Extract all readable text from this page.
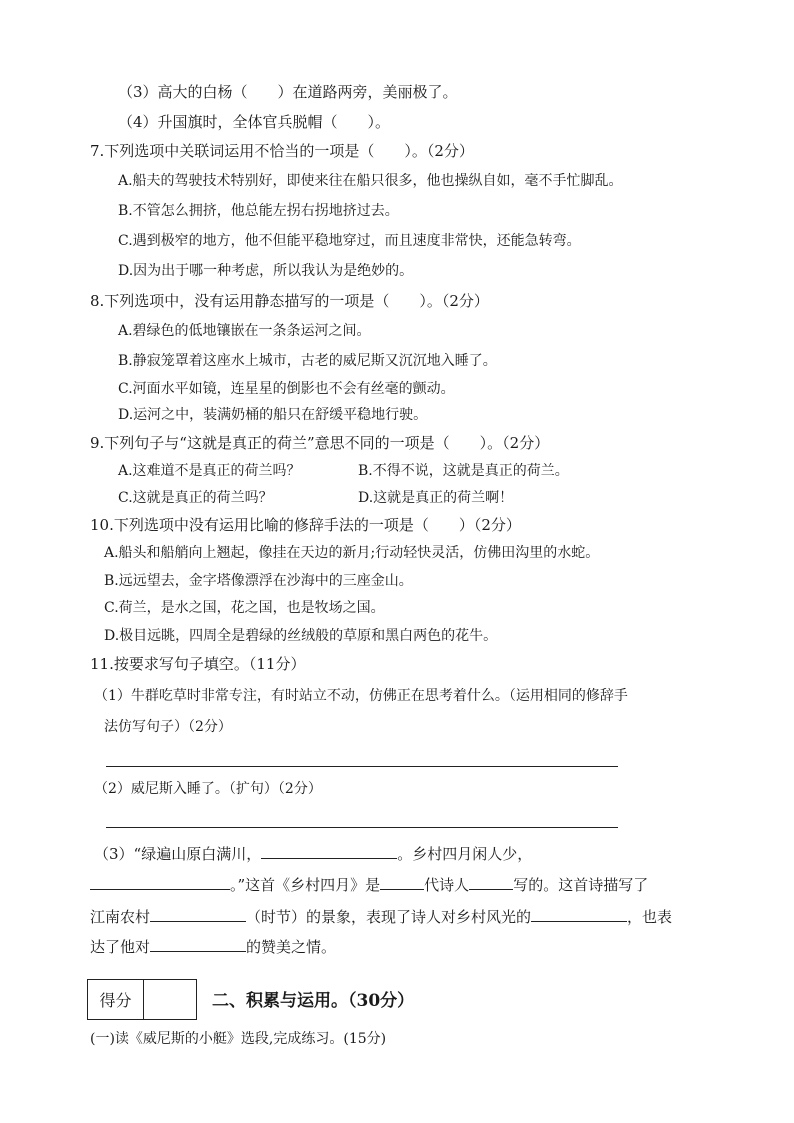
（3）高大的白杨（　　）在道路两旁，美丽极了。
（4）升国旗时，全体官兵脱帽（　　）。
7.下列选项中关联词运用不恰当的一项是（　　）。（2分）
A.船夫的驾驶技术特别好，即使来往在船只很多，他也操纵自如，毫不手忙脚乱。
B.不管怎么拥挤，他总能左拐右拐地挤过去。
C.遇到极窄的地方，他不但能平稳地穿过，而且速度非常快，还能急转弯。
D.因为出于哪一种考虑，所以我认为是绝妙的。
8.下列选项中，没有运用静态描写的一项是（　　）。（2分）
A.碧绿色的低地镶嵌在一条条运河之间。
B.静寂笼罩着这座水上城市，古老的威尼斯又沉沉地入睡了。
C.河面水平如镜，连星星的倒影也不会有丝毫的颤动。
D.运河之中，装满奶桶的船只在舒缓平稳地行驶。
9.下列句子与“这就是真正的荷兰”意思不同的一项是（　　）。（2分）
A.这难道不是真正的荷兰吗？	B.不得不说，这就是真正的荷兰。
C.这就是真正的荷兰吗？	D.这就是真正的荷兰啊！
10.下列选项中没有运用比喻的修辞手法的一项是（　　）（2分）
A.船头和船艄向上翘起，像挂在天边的新月;行动轻快灵活，仿佛田沟里的水蛇。
B.远远望去，金字塔像漂浮在沙海中的三座金山。
C.荷兰，是水之国，花之国，也是牧场之国。
D.极目远眺，四周全是碧绿的丝绒般的草原和黑白两色的花牛。
11.按要求写句子填空。（11分）
（1）牛群吃草时非常专注，有时站立不动，仿佛正在思考着什么。（运用相同的修辞手
法仿写句子）（2分）
（2）威尼斯入睡了。（扩句）（2分）
（3）“绿遍山原白满川，	。乡村四月闲人少，
。”这首《乡村四月》是	代诗人	写的。这首诗描写了
江南农村	（时节）的景象，表现了诗人对乡村风光的	，也表
达了他对	的赞美之情。
得分	二、积累与运用。（30分）
(一)读《威尼斯的小艇》选段,完成练习。(15分)
